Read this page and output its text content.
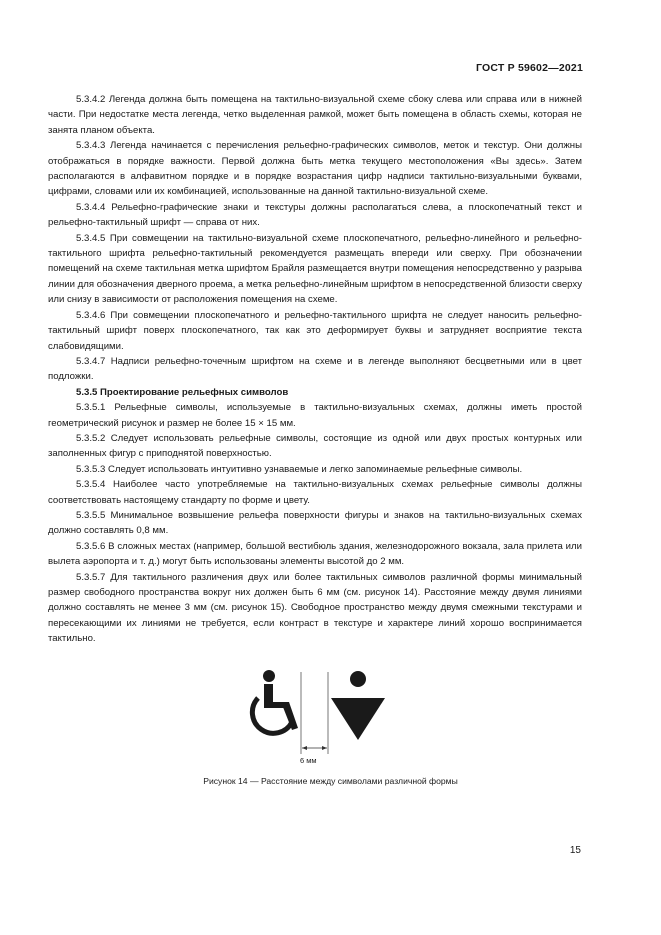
ГОСТ Р 59602—2021

5.3.4.2 Легенда должна быть помещена на тактильно-визуальной схеме сбоку слева или справа или в нижней части. При недостатке места легенда, четко выделенная рамкой, может быть помещена в область схемы, которая не занята планом объекта.

5.3.4.3 Легенда начинается с перечисления рельефно-графических символов, меток и текстур. Они должны отображаться в порядке важности. Первой должна быть метка текущего местоположения «Вы здесь». Затем располагаются в алфавитном порядке и в порядке возрастания цифр надписи тактильно-визуальными буквами, цифрами, словами или их комбинацией, использованные на данной тактильно-визуальной схеме.

5.3.4.4 Рельефно-графические знаки и текстуры должны располагаться слева, а плоскопечатный текст и рельефно-тактильный шрифт — справа от них.

5.3.4.5 При совмещении на тактильно-визуальной схеме плоскопечатного, рельефно-линейного и рельефно-тактильного шрифта рельефно-тактильный рекомендуется размещать впереди или сверху. При обозначении помещений на схеме тактильная метка шрифтом Брайля размещается внутри помещения непосредственно у разрыва линии для обозначения дверного проема, а метка рельефно-линейным шрифтом в непосредственной близости сверху или снизу в зависимости от расположения помещения на схеме.

5.3.4.6 При совмещении плоскопечатного и рельефно-тактильного шрифта не следует наносить рельефно-тактильный шрифт поверх плоскопечатного, так как это деформирует буквы и затрудняет восприятие текста слабовидящими.

5.3.4.7 Надписи рельефно-точечным шрифтом на схеме и в легенде выполняют бесцветными или в цвет подложки.

5.3.5 Проектирование рельефных символов

5.3.5.1 Рельефные символы, используемые в тактильно-визуальных схемах, должны иметь простой геометрический рисунок и размер не более 15 × 15 мм.

5.3.5.2 Следует использовать рельефные символы, состоящие из одной или двух простых контурных или заполненных фигур с приподнятой поверхностью.

5.3.5.3 Следует использовать интуитивно узнаваемые и легко запоминаемые рельефные символы.

5.3.5.4 Наиболее часто употребляемые на тактильно-визуальных схемах рельефные символы должны соответствовать настоящему стандарту по форме и цвету.

5.3.5.5 Минимальное возвышение рельефа поверхности фигуры и знаков на тактильно-визуальных схемах должно составлять 0,8 мм.

5.3.5.6 В сложных местах (например, большой вестибюль здания, железнодорожного вокзала, зала прилета или вылета аэропорта и т. д.) могут быть использованы элементы высотой до 2 мм.

5.3.5.7 Для тактильного различения двух или более тактильных символов различной формы минимальный размер свободного пространства вокруг них должен быть 6 мм (см. рисунок 14). Расстояние между двумя линиями должно составлять не менее 3 мм (см. рисунок 15). Свободное пространство между двумя смежными текстурами и пересекающими их линиями не требуется, если контраст в текстуре и характере линий хорошо воспринимается тактильно.

6 мм
Рисунок 14 — Расстояние между символами различной формы
15
